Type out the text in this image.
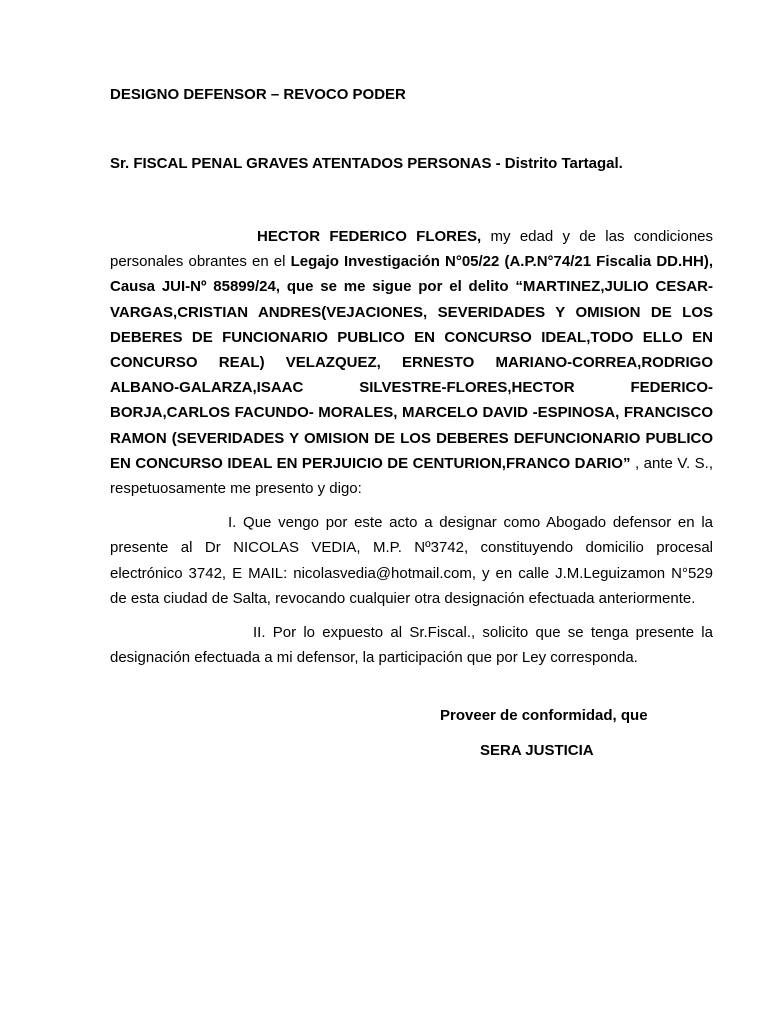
DESIGNO DEFENSOR – REVOCO PODER
Sr. FISCAL PENAL GRAVES ATENTADOS PERSONAS - Distrito Tartagal.

HECTOR FEDERICO FLORES, my edad y de las condiciones personales obrantes en el Legajo Investigación N°05/22 (A.P.N°74/21 Fiscalia DD.HH), Causa JUI-Nº 85899/24, que se me sigue por el delito “MARTINEZ,JULIO CESAR-VARGAS,CRISTIAN ANDRES(VEJACIONES, SEVERIDADES Y OMISION DE LOS DEBERES DE FUNCIONARIO PUBLICO EN CONCURSO IDEAL,TODO ELLO EN CONCURSO REAL) VELAZQUEZ, ERNESTO MARIANO-CORREA,RODRIGO ALBANO-GALARZA,ISAAC SILVESTRE-FLORES,HECTOR FEDERICO-BORJA,CARLOS FACUNDO- MORALES, MARCELO DAVID -ESPINOSA, FRANCISCO RAMON (SEVERIDADES Y OMISION DE LOS DEBERES DEFUNCIONARIO PUBLICO EN CONCURSO IDEAL EN PERJUICIO DE CENTURION,FRANCO DARIO” , ante V. S., respetuosamente me presento y digo:

I. Que vengo por este acto a designar como Abogado defensor en la presente al Dr NICOLAS VEDIA, M.P. Nº3742, constituyendo domicilio procesal electrónico 3742, E MAIL: nicolasvedia@hotmail.com, y en calle J.M.Leguizamon N°529 de esta ciudad de Salta, revocando cualquier otra designación efectuada anteriormente.

II. Por lo expuesto al Sr.Fiscal., solicito que se tenga presente la designación efectuada a mi defensor, la participación que por Ley corresponda.

Proveer de conformidad, que
SERA JUSTICIA
